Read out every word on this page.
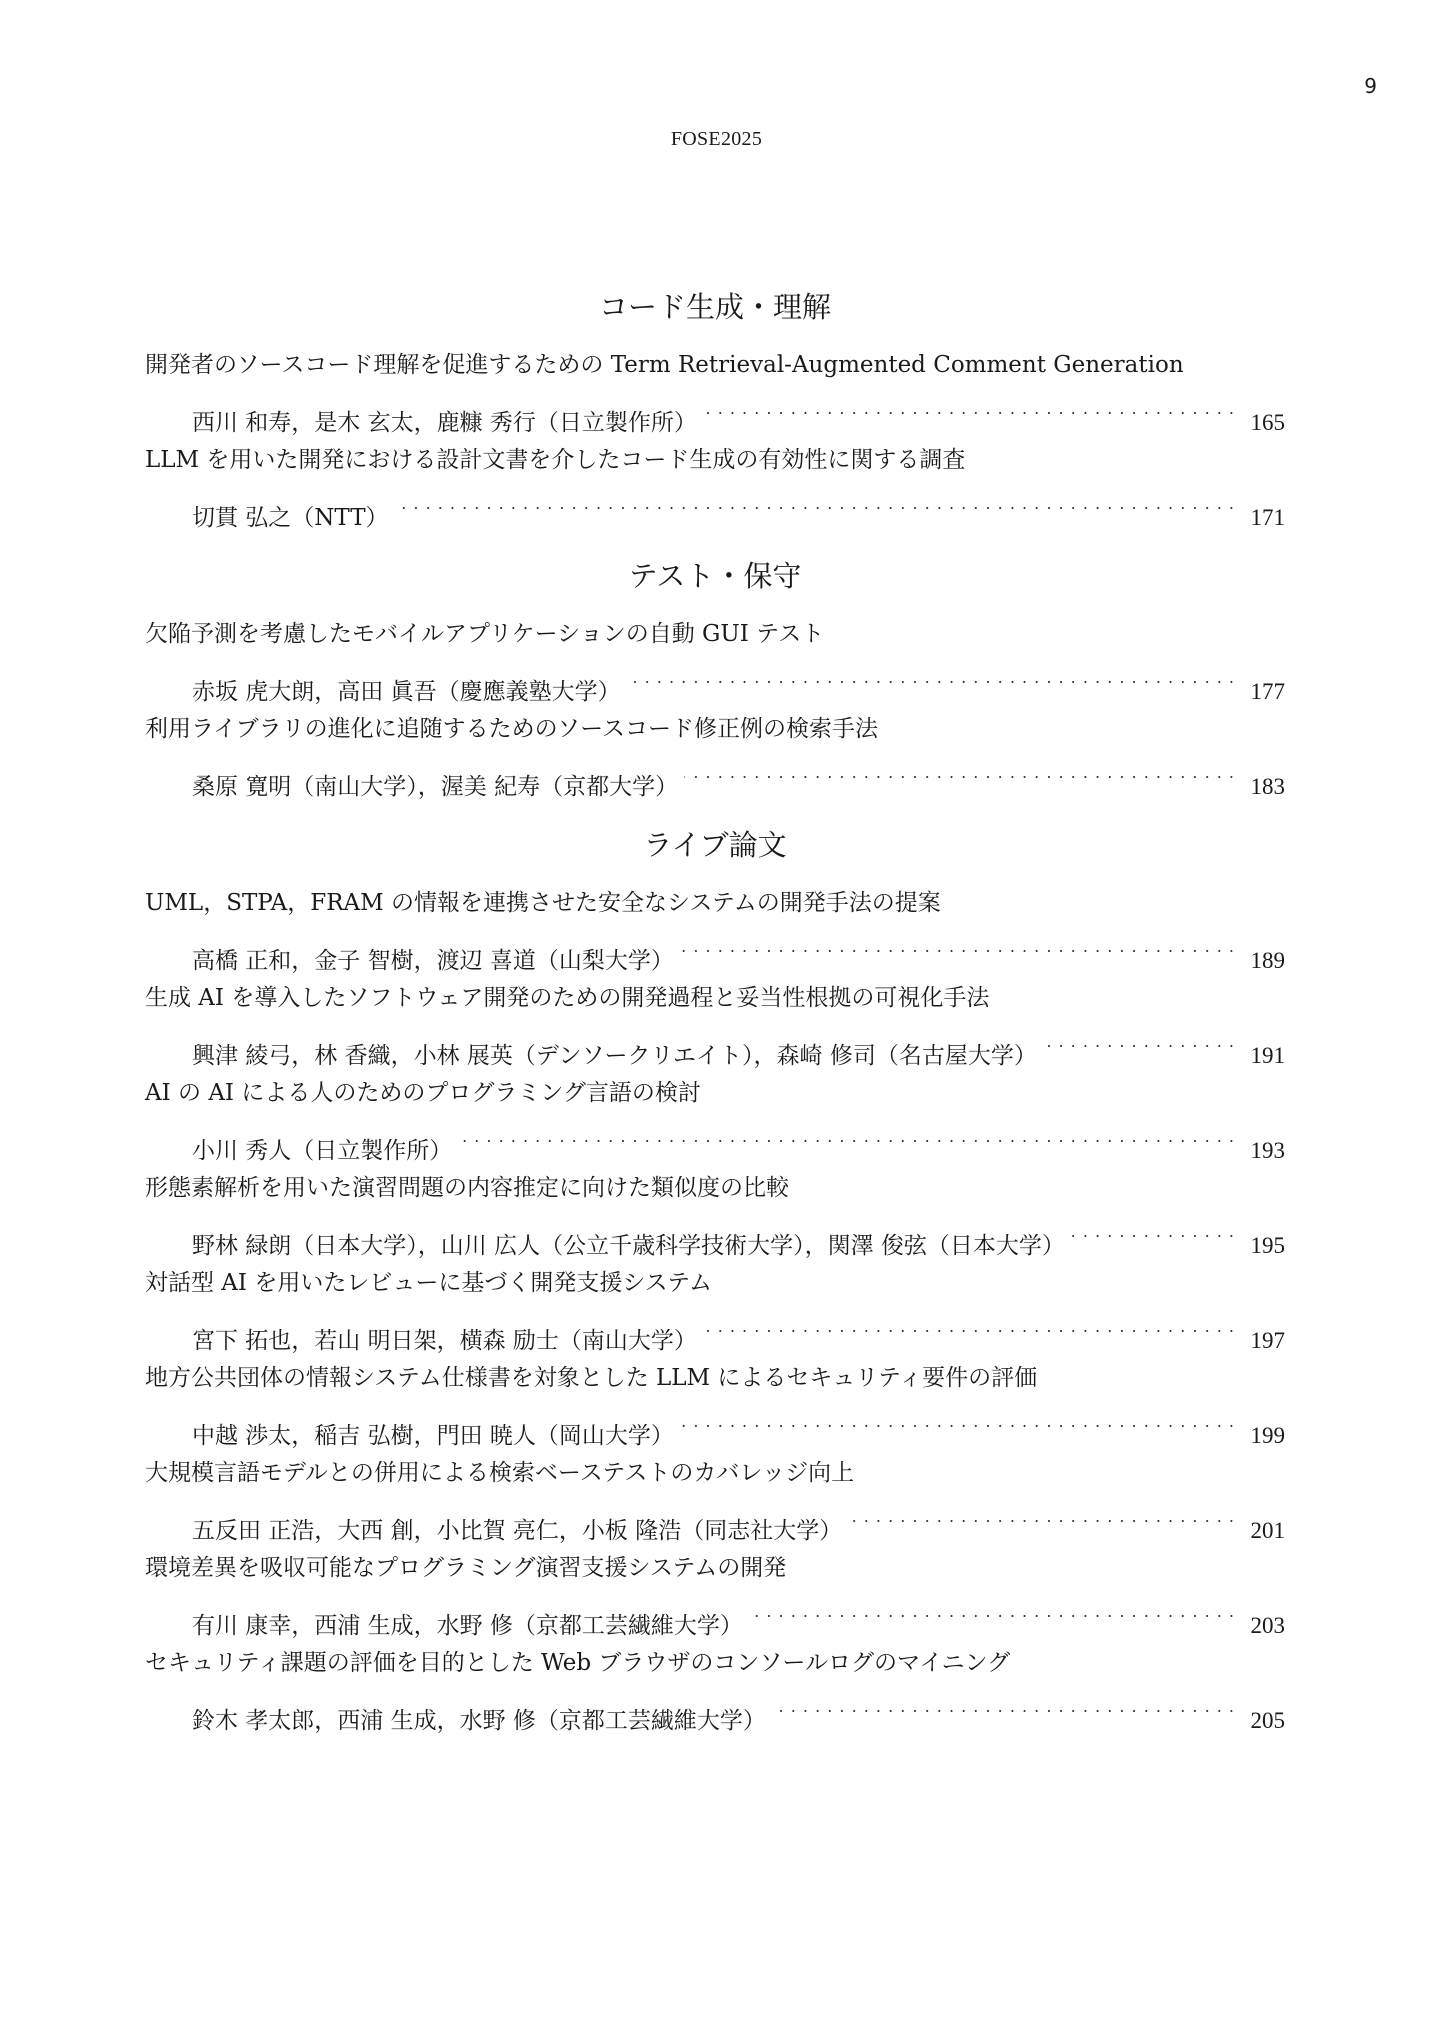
9
FOSE2025
コード生成・理解
開発者のソースコード理解を促進するための Term Retrieval-Augmented Comment Generation
西川 和寿，是木 玄太，鹿糠 秀行（日立製作所） . . .	165
LLM を用いた開発における設計文書を介したコード生成の有効性に関する調査
切貫 弘之（NTT） . . .	171
テスト・保守
欠陥予測を考慮したモバイルアプリケーションの自動 GUI テスト
赤坂 虎大朗，高田 眞吾（慶應義塾大学） . . .	177
利用ライブラリの進化に追随するためのソースコード修正例の検索手法
桑原 寛明（南山大学），渥美 紀寿（京都大学） . . .	183
ライブ論文
UML，STPA，FRAM の情報を連携させた安全なシステムの開発手法の提案
高橋 正和，金子 智樹，渡辺 喜道（山梨大学） . . .	189
生成 AI を導入したソフトウェア開発のための開発過程と妥当性根拠の可視化手法
興津 綾弓，林 香織，小林 展英（デンソークリエイト），森崎 修司（名古屋大学） . . .	191
AI の AI による人のためのプログラミング言語の検討
小川 秀人（日立製作所） . . .	193
形態素解析を用いた演習問題の内容推定に向けた類似度の比較
野林 緑朗（日本大学），山川 広人（公立千歳科学技術大学），関澤 俊弦（日本大学） . . .	195
対話型 AI を用いたレビューに基づく開発支援システム
宮下 拓也，若山 明日架，横森 励士（南山大学） . . .	197
地方公共団体の情報システム仕様書を対象とした LLM によるセキュリティ要件の評価
中越 渉太，稲吉 弘樹，門田 暁人（岡山大学） . . .	199
大規模言語モデルとの併用による検索ベーステストのカバレッジ向上
五反田 正浩，大西 創，小比賀 亮仁，小板 隆浩（同志社大学） . . .	201
環境差異を吸収可能なプログラミング演習支援システムの開発
有川 康幸，西浦 生成，水野 修（京都工芸繊維大学） . . .	203
セキュリティ課題の評価を目的とした Web ブラウザのコンソールログのマイニング
鈴木 孝太郎，西浦 生成，水野 修（京都工芸繊維大学） . . .	205
